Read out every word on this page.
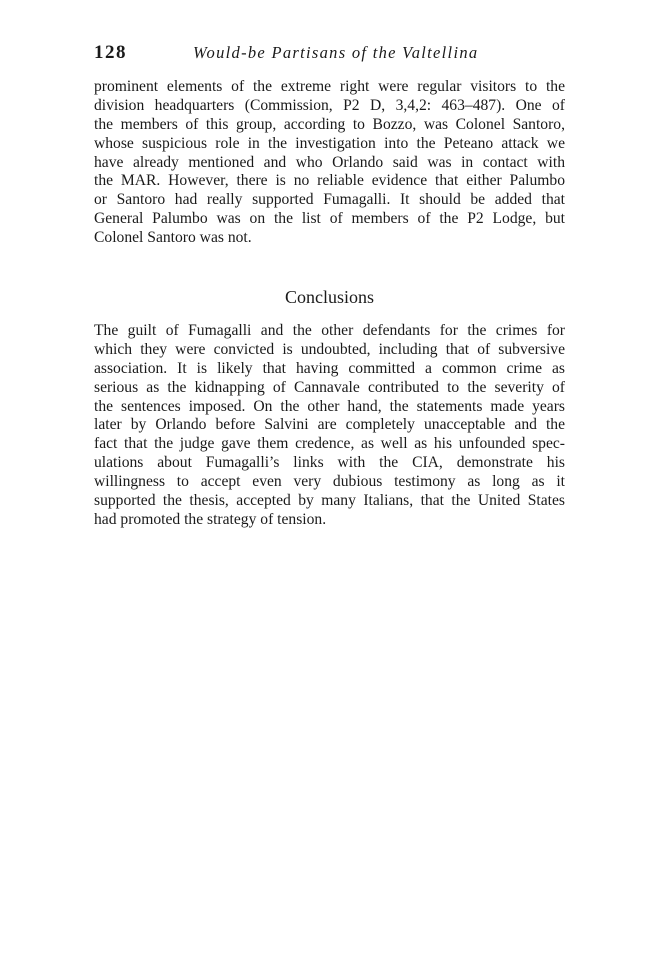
128	Would-be Partisans of the Valtellina
prominent elements of the extreme right were regular visitors to the
division headquarters (Commission, P2 D, 3,4,2: 463–487). One of
the members of this group, according to Bozzo, was Colonel Santoro,
whose suspicious role in the investigation into the Peteano attack we
have already mentioned and who Orlando said was in contact with
the MAR. However, there is no reliable evidence that either Palumbo
or Santoro had really supported Fumagalli. It should be added that
General Palumbo was on the list of members of the P2 Lodge, but
Colonel Santoro was not.
Conclusions
The guilt of Fumagalli and the other defendants for the crimes for
which they were convicted is undoubted, including that of subversive
association. It is likely that having committed a common crime as
serious as the kidnapping of Cannavale contributed to the severity of
the sentences imposed. On the other hand, the statements made years
later by Orlando before Salvini are completely unacceptable and the
fact that the judge gave them credence, as well as his unfounded spec-
ulations about Fumagalli’s links with the CIA, demonstrate his
willingness to accept even very dubious testimony as long as it
supported the thesis, accepted by many Italians, that the United States
had promoted the strategy of tension.
